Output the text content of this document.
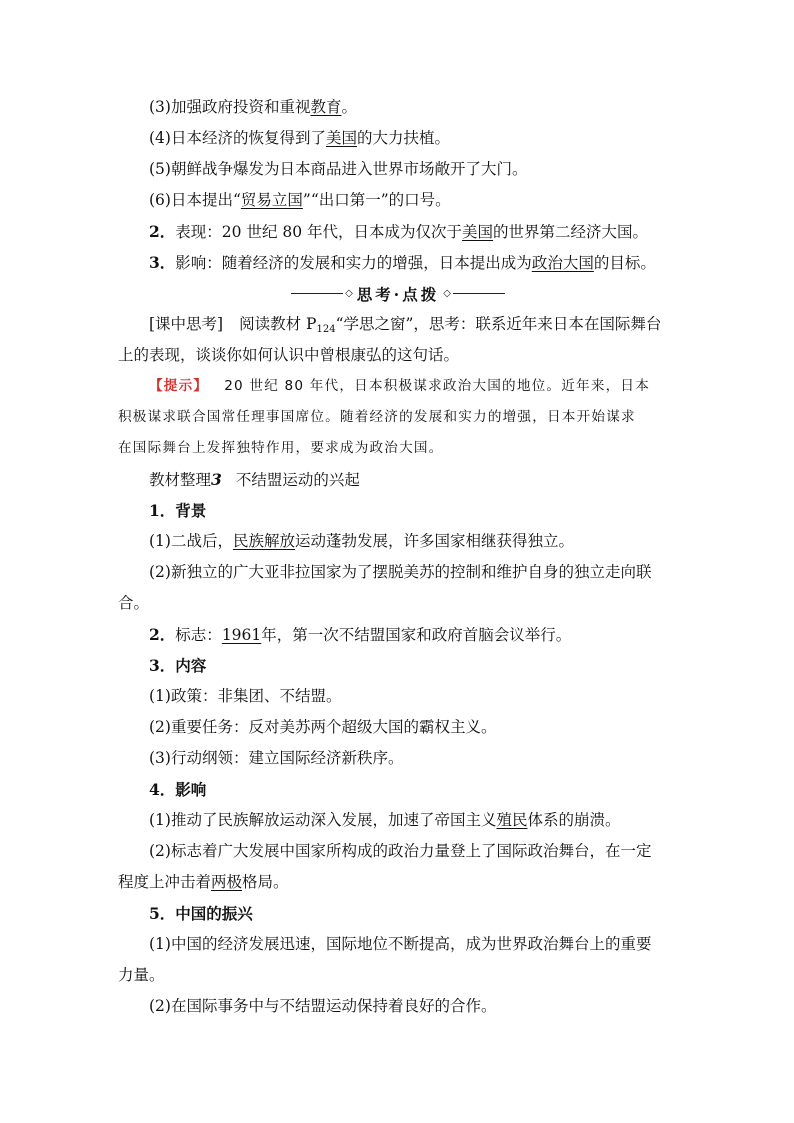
(3)加强政府投资和重视教育。
(4)日本经济的恢复得到了美国的大力扶植。
(5)朝鲜战争爆发为日本商品进入世界市场敞开了大门。
(6)日本提出“贸易立国”“出口第一”的口号。
2．表现：20 世纪 80 年代，日本成为仅次于美国的世界第二经济大国。
3．影响：随着经济的发展和实力的增强，日本提出成为政治大国的目标。
◇ 思考·点拨 ◇
[课中思考] 阅读教材 $P_{124}“$学思之窗”，思考：联系近年来日本在国际舞台
上的表现，谈谈你如何认识中曾根康弘的这句话。
【提示】 20 世纪 80 年代，日本积极谋求政治大国的地位。近年来，日本
积极谋求联合国常任理事国席位。随着经济的发展和实力的增强，日本开始谋求
在国际舞台上发挥独特作用，要求成为政治大国。
教材整理3 不结盟运动的兴起
1．背景
(1)二战后，民族解放运动蓬勃发展，许多国家相继获得独立。
(2)新独立的广大亚非拉国家为了摆脱美苏的控制和维护自身的独立走向联
合。
2．标志：1961年，第一次不结盟国家和政府首脑会议举行。
3．内容
(1)政策：非集团、不结盟。
(2)重要任务：反对美苏两个超级大国的霸权主义。
(3)行动纲领：建立国际经济新秩序。
4．影响
(1)推动了民族解放运动深入发展，加速了帝国主义殖民体系的崩溃。
(2)标志着广大发展中国家所构成的政治力量登上了国际政治舞台，在一定
程度上冲击着两极格局。
5．中国的振兴
(1)中国的经济发展迅速，国际地位不断提高，成为世界政治舞台上的重要
力量。
(2)在国际事务中与不结盟运动保持着良好的合作。
